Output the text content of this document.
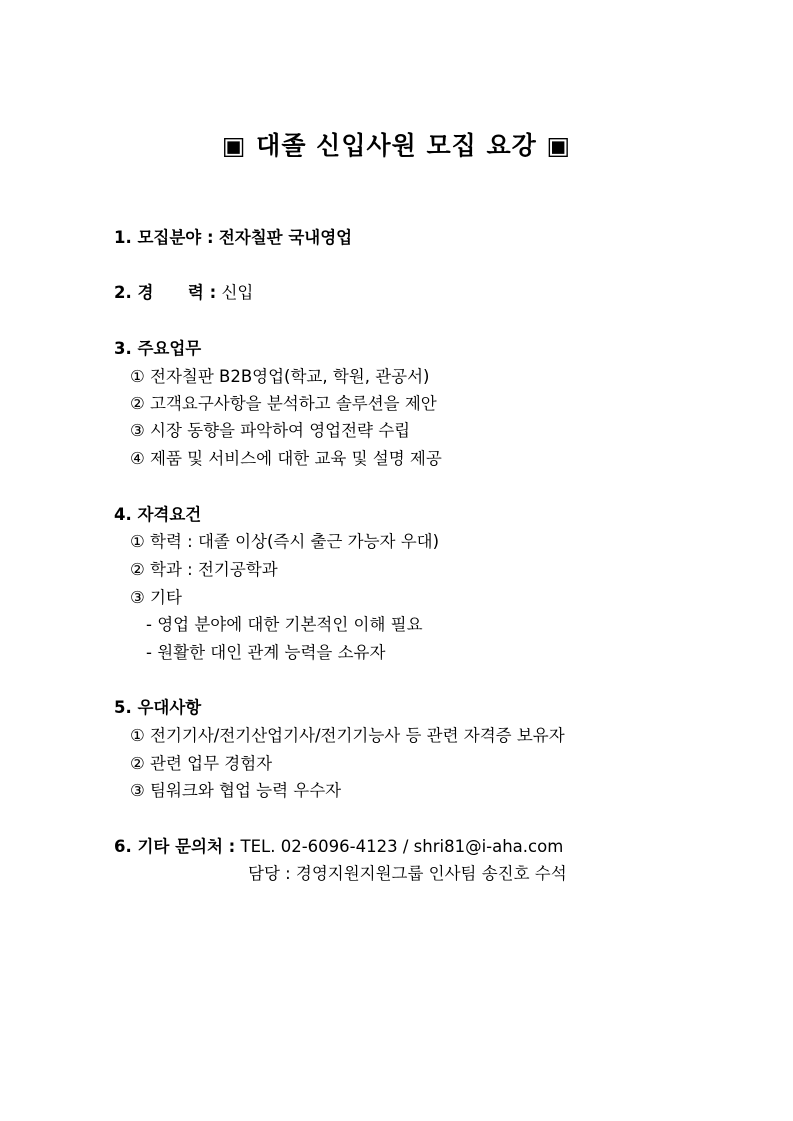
▣ 대졸 신입사원 모집 요강 ▣
1. 모집분야 : 전자칠판 국내영업
2. 경      력 : 신입
3. 주요업무
① 전자칠판 B2B영업(학교, 학원, 관공서)
② 고객요구사항을 분석하고 솔루션을 제안
③ 시장 동향을 파악하여 영업전략 수립
④ 제품 및 서비스에 대한 교육 및 설명 제공
4. 자격요건
① 학력 : 대졸 이상(즉시 출근 가능자 우대)
② 학과 : 전기공학과
③ 기타
- 영업 분야에 대한 기본적인 이해 필요
- 원활한 대인 관계 능력을 소유자
5. 우대사항
① 전기기사/전기산업기사/전기기능사 등 관련 자격증 보유자
② 관련 업무 경험자
③ 팀워크와 협업 능력 우수자
6. 기타 문의처 : TEL. 02-6096-4123 / shri81@i-aha.com
담당 : 경영지원지원그룹 인사팀 송진호 수석
